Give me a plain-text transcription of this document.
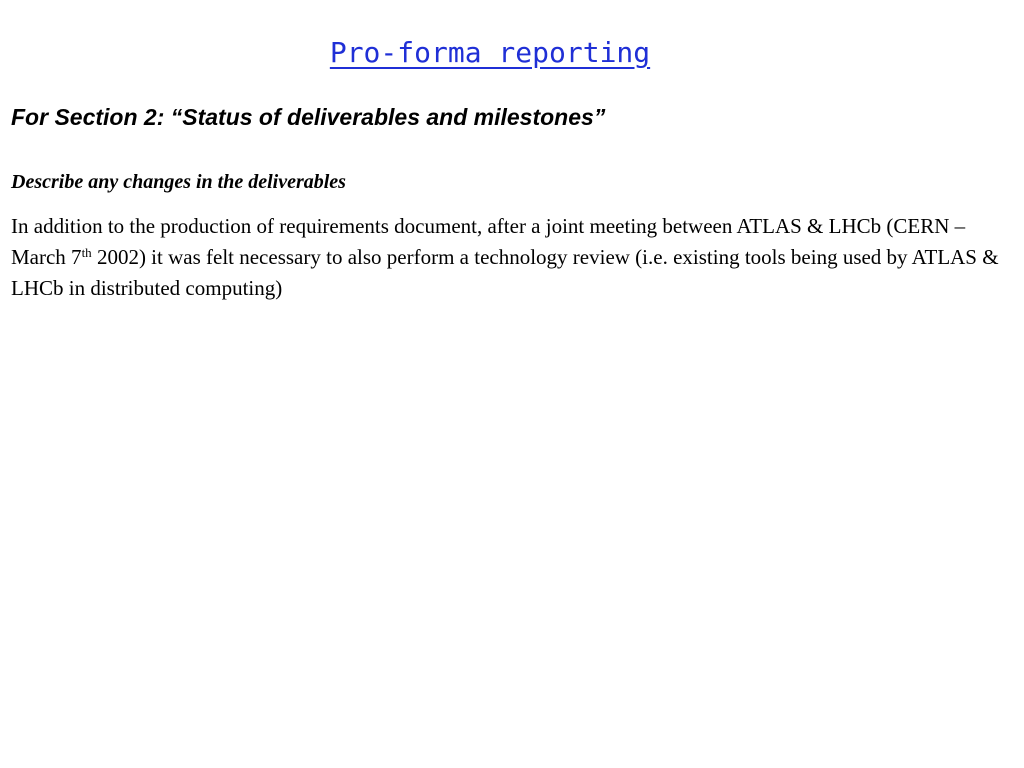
Pro-forma reporting
For Section 2: “Status of deliverables and milestones”
Describe any changes in the deliverables

In addition to the production of requirements document, after a joint meeting between ATLAS & LHCb (CERN – March 7th 2002) it was felt necessary to also perform a technology review (i.e. existing tools being used by ATLAS & LHCb in distributed computing)
